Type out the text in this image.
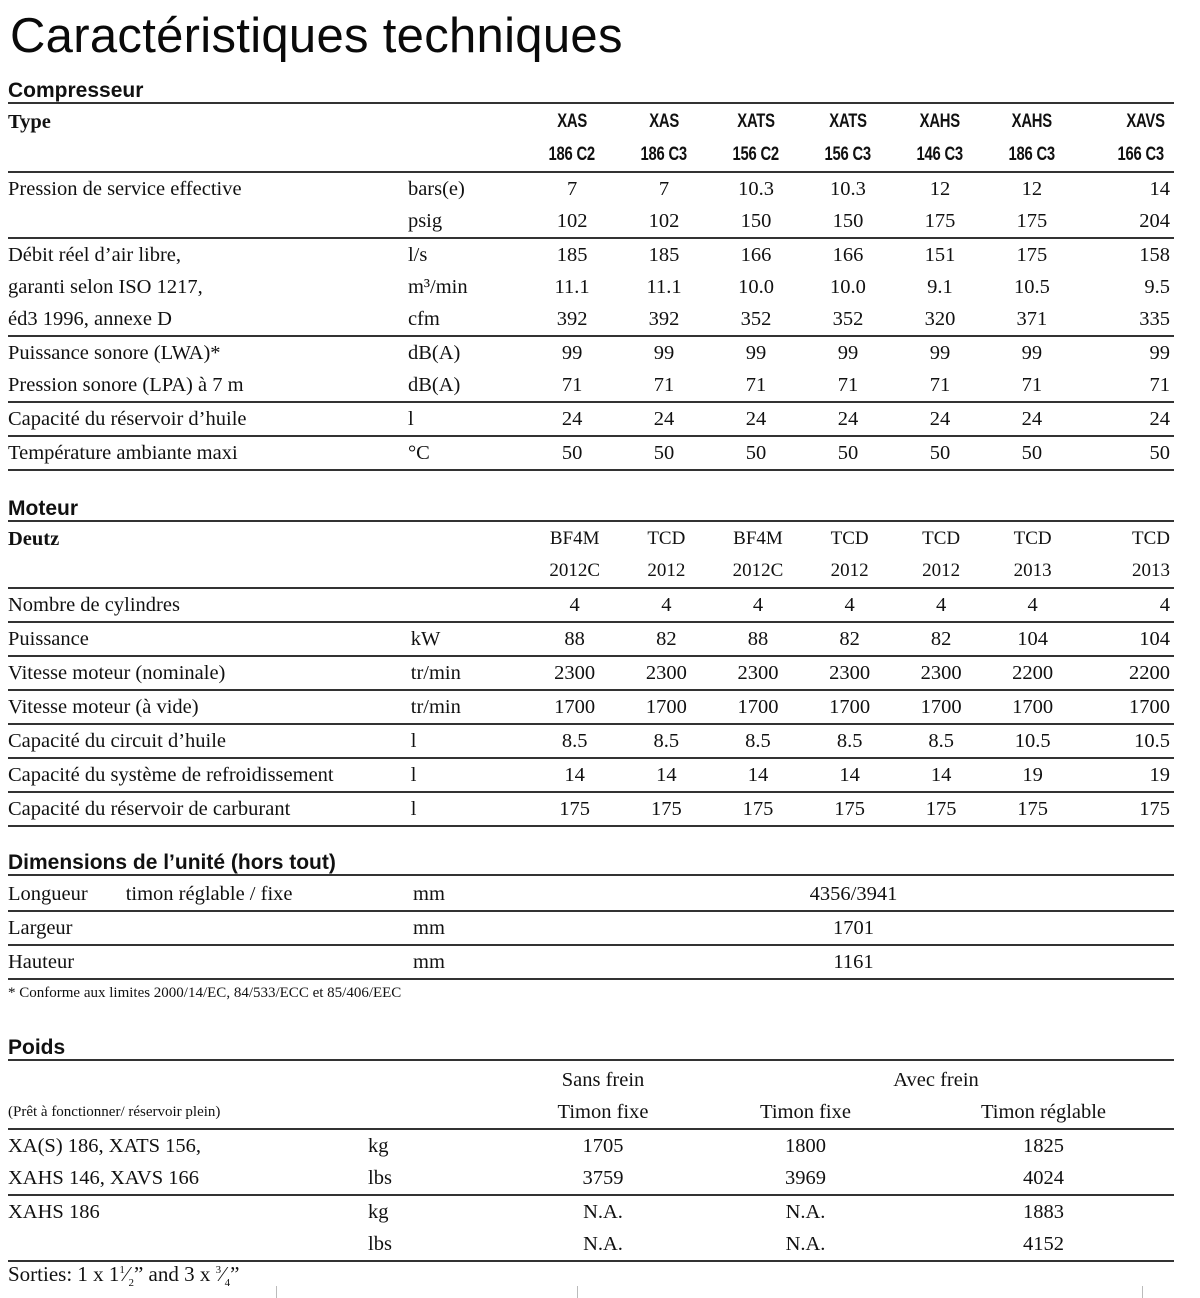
Caractéristiques techniques
Compresseur
Type		XAS	XAS	XATS	XATS	XAHS	XAHS	XAVS
		186 C2	186 C3	156 C2	156 C3	146 C3	186 C3	166 C3
Pression de service effective	bars(e)	7	7	10.3	10.3	12	12	14
	psig	102	102	150	150	175	175	204
Débit réel d’air libre,	l/s	185	185	166	166	151	175	158
garanti selon ISO 1217,	m³/min	11.1	11.1	10.0	10.0	9.1	10.5	9.5
éd3 1996, annexe D	cfm	392	392	352	352	320	371	335
Puissance sonore (LWA)*	dB(A)	99	99	99	99	99	99	99
Pression sonore (LPA) à 7 m	dB(A)	71	71	71	71	71	71	71
Capacité du réservoir d’huile	l	24	24	24	24	24	24	24
Température ambiante maxi	°C	50	50	50	50	50	50	50
Moteur
Deutz		BF4M	TCD	BF4M	TCD	TCD	TCD	TCD
		2012C	2012	2012C	2012	2012	2013	2013
Nombre de cylindres		4	4	4	4	4	4	4
Puissance	kW	88	82	88	82	82	104	104
Vitesse moteur (nominale)	tr/min	2300	2300	2300	2300	2300	2200	2200
Vitesse moteur (à vide)	tr/min	1700	1700	1700	1700	1700	1700	1700
Capacité du circuit d’huile	l	8.5	8.5	8.5	8.5	8.5	10.5	10.5
Capacité du système de refroidissement	l	14	14	14	14	14	19	19
Capacité du réservoir de carburant	l	175	175	175	175	175	175	175
Dimensions de l’unité (hors tout)
Longueur timon réglable / fixe	mm	4356/3941
Largeur	mm	1701
Hauteur	mm	1161
* Conforme aux limites 2000/14/EC, 84/533/ECC et 85/406/EEC
Poids
		Sans frein	Avec frein	
(Prêt à fonctionner/ réservoir plein)		Timon fixe	Timon fixe	Timon réglable
XA(S) 186, XATS 156,	kg	1705	1800	1825
XAHS 146, XAVS 166	lbs	3759	3969	4024
XAHS 186	kg	N.A.	N.A.	1883
	lbs	N.A.	N.A.	4152
Sorties: 1 x $1^1⁄_2$” and 3 x $^3⁄_4$”
